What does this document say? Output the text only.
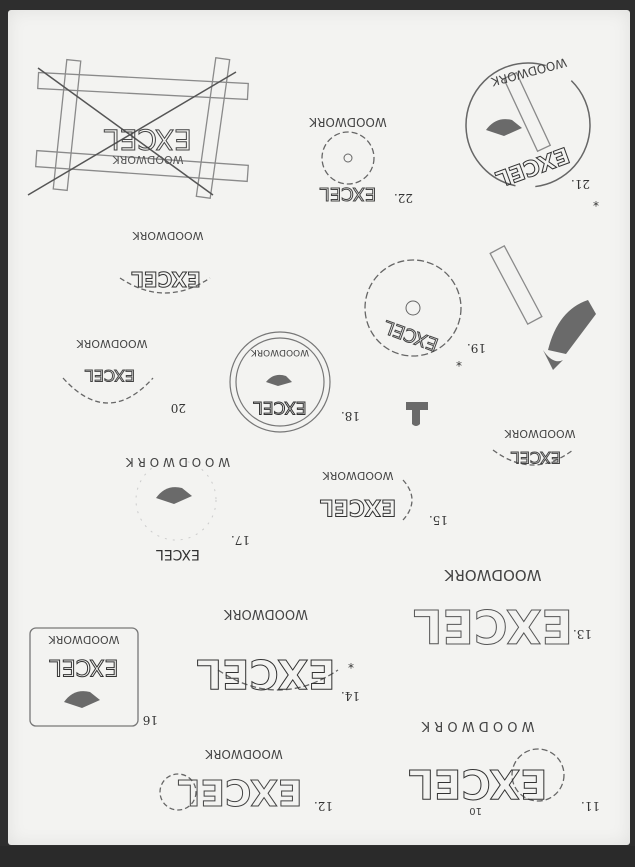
EXCEL
WOODWORK	EXCEL
WOODWORK
21.
*
EXCEL
WOODWORK
22.
EXCEL
WOODWORK
EXCEL 19.
*
EXCEL
WOODWORK
20	EXCEL
WOODWORK
18.
EXCEL
WOODWORK
EXCEL
W O O D W O R K
17.
EXCEL
WOODWORK
15.
EXCEL
WOODWORK
13.
EXCEL
WOODWORK
14.
*
EXCEL
WOODWORK
16
EXCEL
W O O D W O R K
11.
10
EXCEL
WOODWORK
12.
